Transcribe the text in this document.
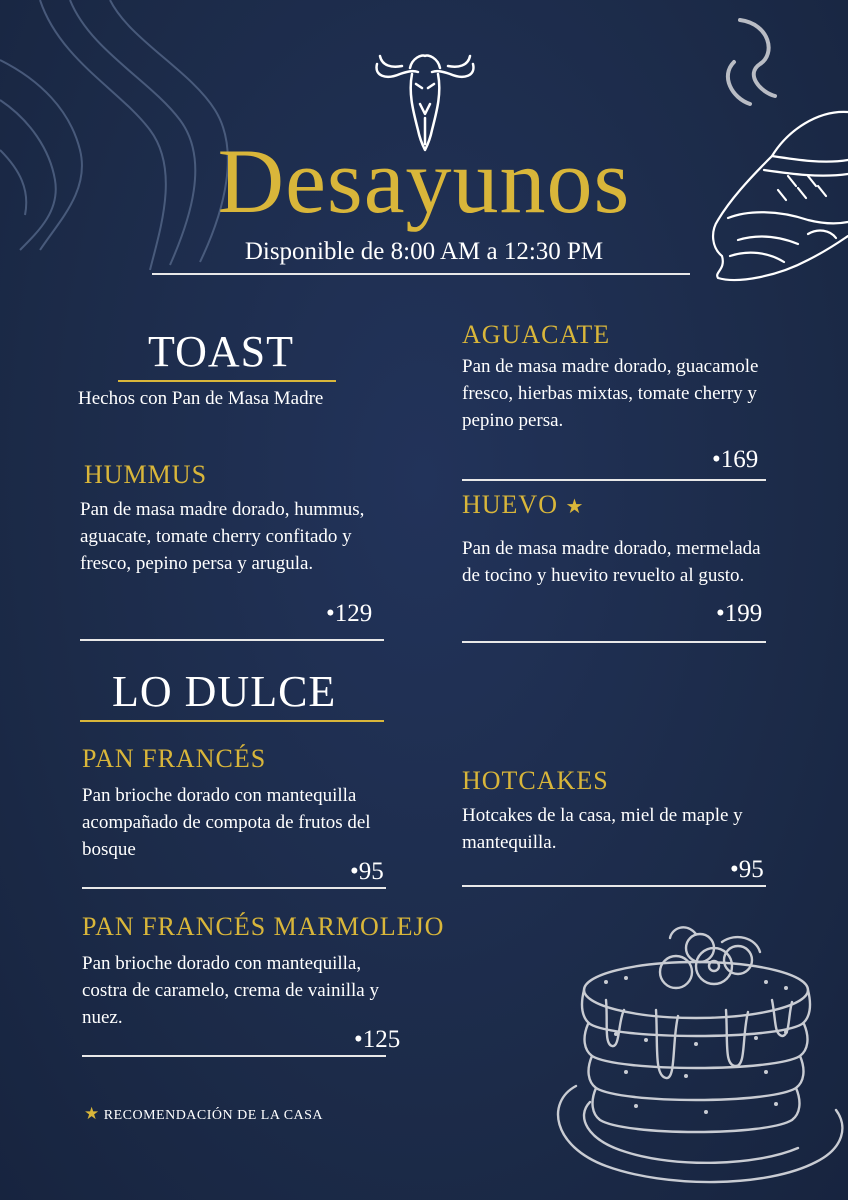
Desayunos
Disponible de 8:00 AM a 12:30 PM
TOAST
Hechos con Pan de Masa Madre
HUMMUS
Pan de masa madre dorado, hummus, aguacate, tomate cherry confitado y fresco, pepino persa y arugula.
•129
AGUACATE
Pan de masa madre dorado, guacamole fresco, hierbas mixtas, tomate cherry y pepino persa.
•169
HUEVO ★
Pan de masa madre dorado, mermelada de tocino y huevito revuelto al gusto.
•199
LO DULCE
PAN FRANCÉS
Pan brioche dorado con mantequilla acompañado de compota de frutos del bosque
•95
HOTCAKES
Hotcakes de la casa, miel de maple y mantequilla.
•95
PAN FRANCÉS MARMOLEJO
Pan brioche dorado con mantequilla, costra de caramelo, crema de vainilla y nuez.
•125
★ RECOMENDACIÓN DE LA CASA
